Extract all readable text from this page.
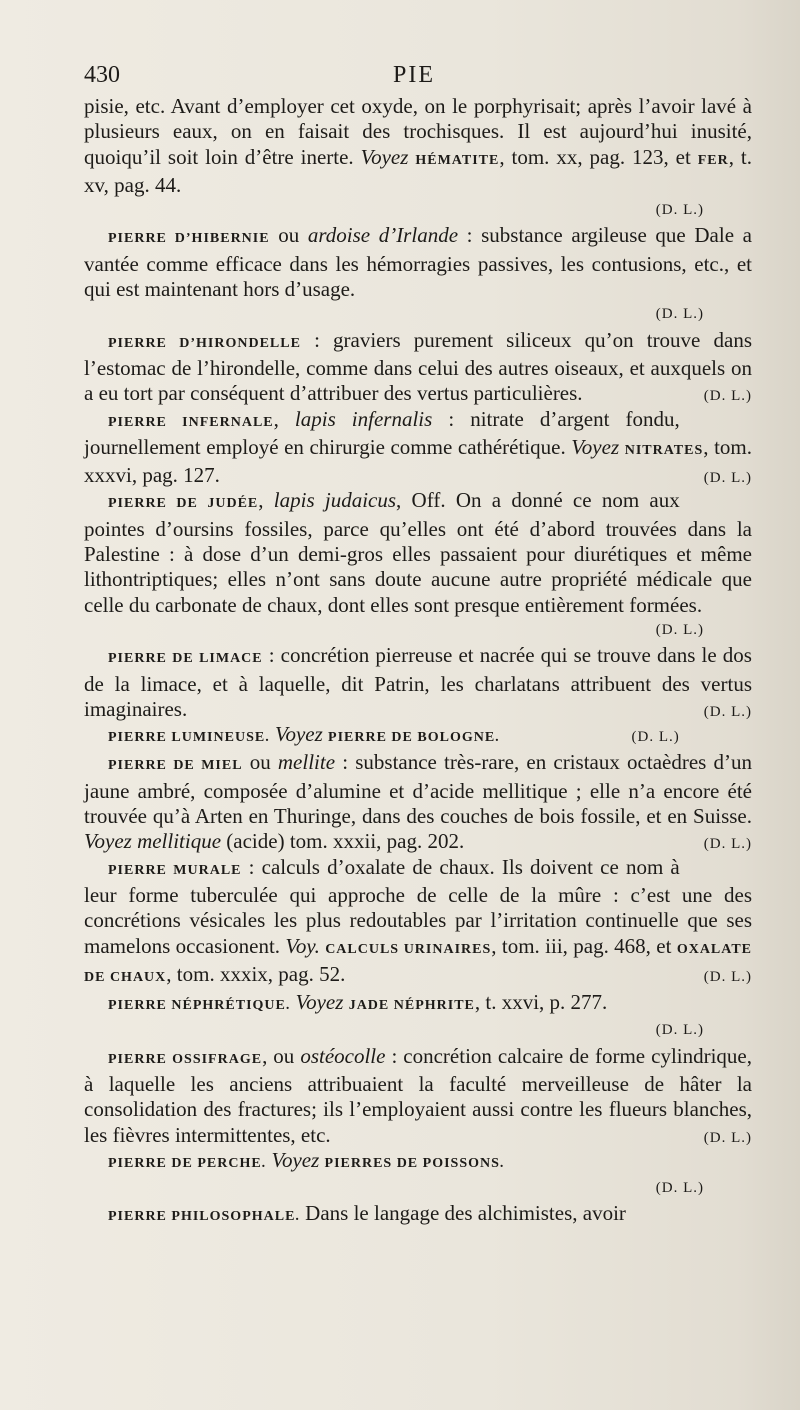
430	PIE

pisie, etc. Avant d’employer cet oxyde, on le porphyrisait; après l’avoir lavé à plusieurs eaux, on en faisait des trochisques. Il est aujourd’hui inusité, quoiqu’il soit loin d’être inerte. Voyez HÉMATITE, tom. xx, pag. 123, et FER, t. xv, pag. 44.

(D. L.)

PIERRE D’HIBERNIE ou ardoise d’Irlande : substance argileuse que Dale a vantée comme efficace dans les hémorragies passives, les contusions, etc., et qui est maintenant hors d’usage.

(D. L.)

PIERRE D’HIRONDELLE : graviers purement siliceux qu’on trouve dans l’estomac de l’hirondelle, comme dans celui des autres oiseaux, et auxquels on a eu tort par conséquent d’attribuer des vertus particulières.	(D. L.)

PIERRE INFERNALE, lapis infernalis : nitrate d’argent fondu, journellement employé en chirurgie comme cathérétique. Voyez NITRATES, tom. xxxvi, pag. 127.	(D. L.)

PIERRE DE JUDÉE, lapis judaicus, Off. On a donné ce nom aux pointes d’oursins fossiles, parce qu’elles ont été d’abord trouvées dans la Palestine : à dose d’un demi-gros elles passaient pour diurétiques et même lithontriptiques; elles n’ont sans doute aucune autre propriété médicale que celle du carbonate de chaux, dont elles sont presque entièrement formées.

(D. L.)

PIERRE DE LIMACE : concrétion pierreuse et nacrée qui se trouve dans le dos de la limace, et à laquelle, dit Patrin, les charlatans attribuent des vertus imaginaires.	(D. L.)

PIERRE LUMINEUSE. Voyez PIERRE DE BOLOGNE.	(D. L.)

PIERRE DE MIEL ou mellite : substance très-rare, en cristaux octaèdres d’un jaune ambré, composée d’alumine et d’acide mellitique ; elle n’a encore été trouvée qu’à Arten en Thuringe, dans des couches de bois fossile, et en Suisse. Voyez mellitique (acide) tom. xxxii, pag. 202.	(D. L.)

PIERRE MURALE : calculs d’oxalate de chaux. Ils doivent ce nom à leur forme tuberculée qui approche de celle de la mûre : c’est une des concrétions vésicales les plus redoutables par l’irritation continuelle que ses mamelons occasionent. Voy. CALCULS URINAIRES, tom. iii, pag. 468, et OXALATE DE CHAUX, tom. xxxix, pag. 52.	(D. L.)

PIERRE NÉPHRÉTIQUE. Voyez JADE NÉPHRITE, t. xxvi, p. 277.

(D. L.)

PIERRE OSSIFRAGE, ou ostéocolle : concrétion calcaire de forme cylindrique, à laquelle les anciens attribuaient la faculté merveilleuse de hâter la consolidation des fractures; ils l’employaient aussi contre les flueurs blanches, les fièvres intermittentes, etc.	(D. L.)

PIERRE DE PERCHE. Voyez PIERRES DE POISSONS.

(D. L.)

PIERRE PHILOSOPHALE. Dans le langage des alchimistes, avoir
